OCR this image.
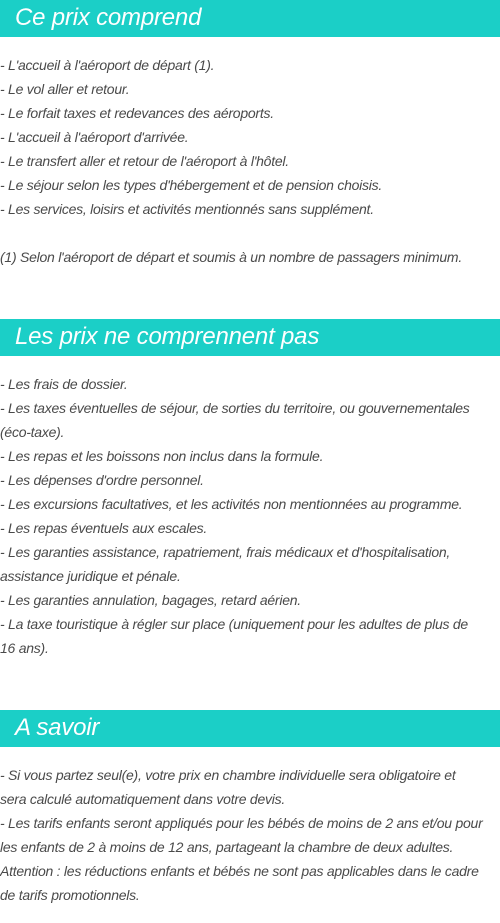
Ce prix comprend

- L'accueil à l'aéroport de départ (1).

- Le vol aller et retour.

- Le forfait taxes et redevances des aéroports.

- L'accueil à l'aéroport d'arrivée.

- Le transfert aller et retour de l'aéroport à l'hôtel.

- Le séjour selon les types d'hébergement et de pension choisis.

- Les services, loisirs et activités mentionnés sans supplément.

(1) Selon l'aéroport de départ et soumis à un nombre de passagers minimum.

Les prix ne comprennent pas

- Les frais de dossier.

- Les taxes éventuelles de séjour, de sorties du territoire, ou gouvernementales

(éco-taxe).

- Les repas et les boissons non inclus dans la formule.

- Les dépenses d'ordre personnel.

- Les excursions facultatives, et les activités non mentionnées au programme.

- Les repas éventuels aux escales.

- Les garanties assistance, rapatriement, frais médicaux et d'hospitalisation,

assistance juridique et pénale.

- Les garanties annulation, bagages, retard aérien.

- La taxe touristique à régler sur place (uniquement pour les adultes de plus de

16 ans).

A savoir

- Si vous partez seul(e), votre prix en chambre individuelle sera obligatoire et

sera calculé automatiquement dans votre devis.

- Les tarifs enfants seront appliqués pour les bébés de moins de 2 ans et/ou pour

les enfants de 2 à moins de 12 ans, partageant la chambre de deux adultes.

Attention : les réductions enfants et bébés ne sont pas applicables dans le cadre

de tarifs promotionnels.
